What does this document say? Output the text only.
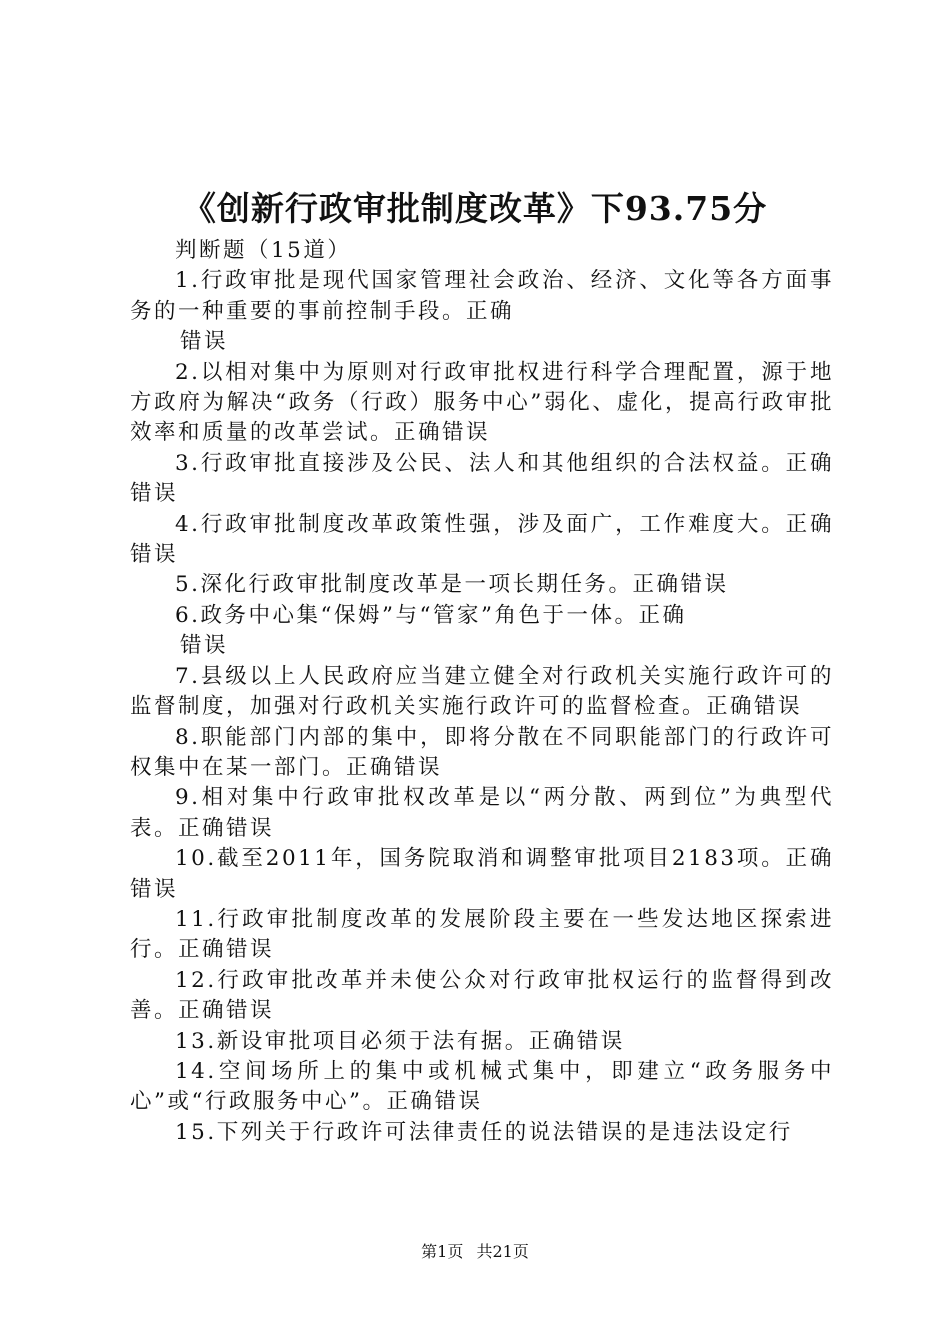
《创新行政审批制度改革》下93.75分

判断题（15道）

1.行政审批是现代国家管理社会政治、经济、文化等各方面事务的一种重要的事前控制手段。正确

错误

2.以相对集中为原则对行政审批权进行科学合理配置，源于地方政府为解决“政务（行政）服务中心”弱化、虚化，提高行政审批效率和质量的改革尝试。正确错误

3.行政审批直接涉及公民、法人和其他组织的合法权益。正确错误

4.行政审批制度改革政策性强，涉及面广，工作难度大。正确错误

5.深化行政审批制度改革是一项长期任务。正确错误

6.政务中心集“保姆”与“管家”角色于一体。正确

错误

7.县级以上人民政府应当建立健全对行政机关实施行政许可的监督制度，加强对行政机关实施行政许可的监督检查。正确错误

8.职能部门内部的集中，即将分散在不同职能部门的行政许可权集中在某一部门。正确错误

9.相对集中行政审批权改革是以“两分散、两到位”为典型代表。正确错误

10.截至2011年，国务院取消和调整审批项目2183项。正确错误

11.行政审批制度改革的发展阶段主要在一些发达地区探索进行。正确错误

12.行政审批改革并未使公众对行政审批权运行的监督得到改善。正确错误

13.新设审批项目必须于法有据。正确错误

14.空间场所上的集中或机械式集中，即建立“政务服务中心”或“行政服务中心”。正确错误

15.下列关于行政许可法律责任的说法错误的是违法设定行

第1页 共21页
